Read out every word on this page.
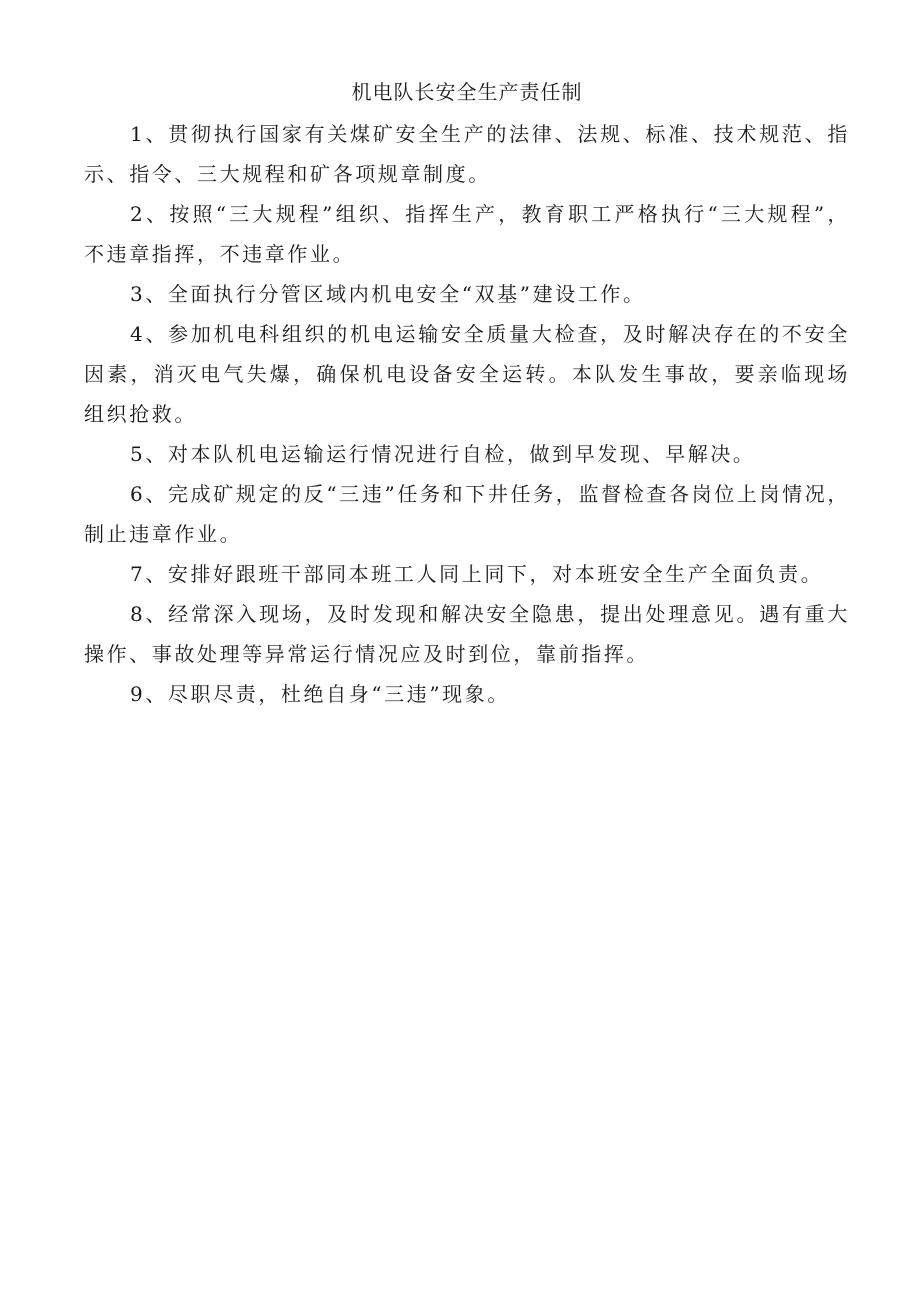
机电队长安全生产责任制

1、贯彻执行国家有关煤矿安全生产的法律、法规、标准、技术规范、指示、指令、三大规程和矿各项规章制度。

2、按照“三大规程”组织、指挥生产，教育职工严格执行“三大规程”，不违章指挥，不违章作业。

3、全面执行分管区域内机电安全“双基”建设工作。

4、参加机电科组织的机电运输安全质量大检查，及时解决存在的不安全因素，消灭电气失爆，确保机电设备安全运转。本队发生事故，要亲临现场组织抢救。

5、对本队机电运输运行情况进行自检，做到早发现、早解决。

6、完成矿规定的反“三违”任务和下井任务，监督检查各岗位上岗情况，制止违章作业。

7、安排好跟班干部同本班工人同上同下，对本班安全生产全面负责。

8、经常深入现场，及时发现和解决安全隐患，提出处理意见。遇有重大操作、事故处理等异常运行情况应及时到位，靠前指挥。

9、尽职尽责，杜绝自身“三违”现象。
